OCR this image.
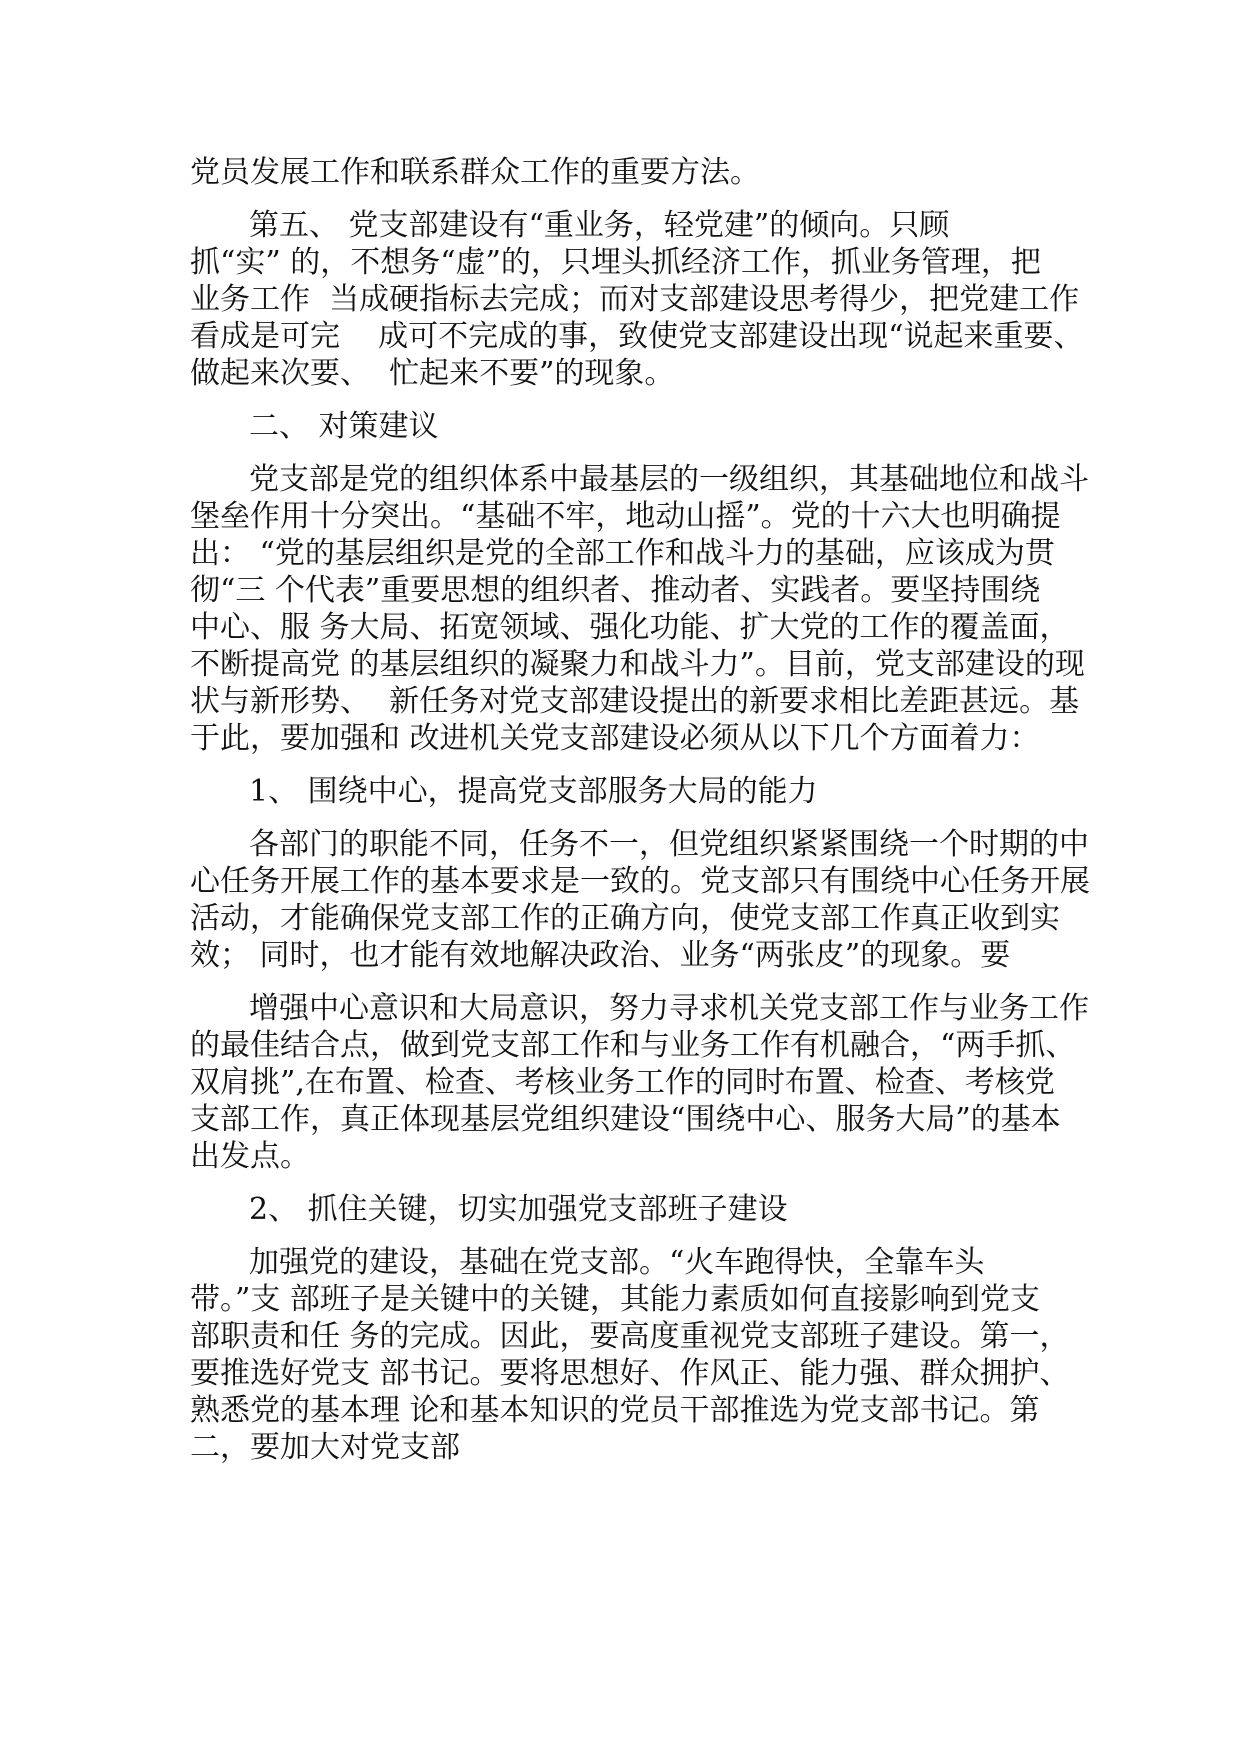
党员发展工作和联系群众工作的重要方法。

第五、 党支部建设有“重业务，轻党建”的倾向。只顾

抓“实” 的，不想务“虚”的，只埋头抓经济工作，抓业务管理，把

业务工作  当成硬指标去完成；而对支部建设思考得少，把党建工作

看成是可完    成可不完成的事，致使党支部建设出现“说起来重要、

做起来次要、  忙起来不要”的现象。

二、 对策建议

党支部是党的组织体系中最基层的一级组织，其基础地位和战斗

堡垒作用十分突出。“基础不牢，地动山摇”。党的十六大也明确提

出： “党的基层组织是党的全部工作和战斗力的基础，应该成为贯

彻“三 个代表”重要思想的组织者、推动者、实践者。要坚持围绕

中心、服 务大局、拓宽领域、强化功能、扩大党的工作的覆盖面，

不断提高党 的基层组织的凝聚力和战斗力”。目前，党支部建设的现

状与新形势、  新任务对党支部建设提出的新要求相比差距甚远。基

于此，要加强和 改进机关党支部建设必须从以下几个方面着力：

1、 围绕中心，提高党支部服务大局的能力

各部门的职能不同，任务不一，但党组织紧紧围绕一个时期的中

心任务开展工作的基本要求是一致的。党支部只有围绕中心任务开展

活动，才能确保党支部工作的正确方向，使党支部工作真正收到实

效； 同时，也才能有效地解决政治、业务“两张皮”的现象。要

增强中心意识和大局意识，努力寻求机关党支部工作与业务工作

的最佳结合点，做到党支部工作和与业务工作有机融合，“两手抓、

双肩挑”,在布置、检查、考核业务工作的同时布置、检查、考核党

支部工作，真正体现基层党组织建设“围绕中心、服务大局”的基本

出发点。

2、 抓住关键，切实加强党支部班子建设

加强党的建设，基础在党支部。“火车跑得快，全靠车头

带。”支 部班子是关键中的关键，其能力素质如何直接影响到党支

部职责和任 务的完成。因此，要高度重视党支部班子建设。第一，

要推选好党支 部书记。要将思想好、作风正、能力强、群众拥护、

熟悉党的基本理 论和基本知识的党员干部推选为党支部书记。第

二，要加大对党支部
